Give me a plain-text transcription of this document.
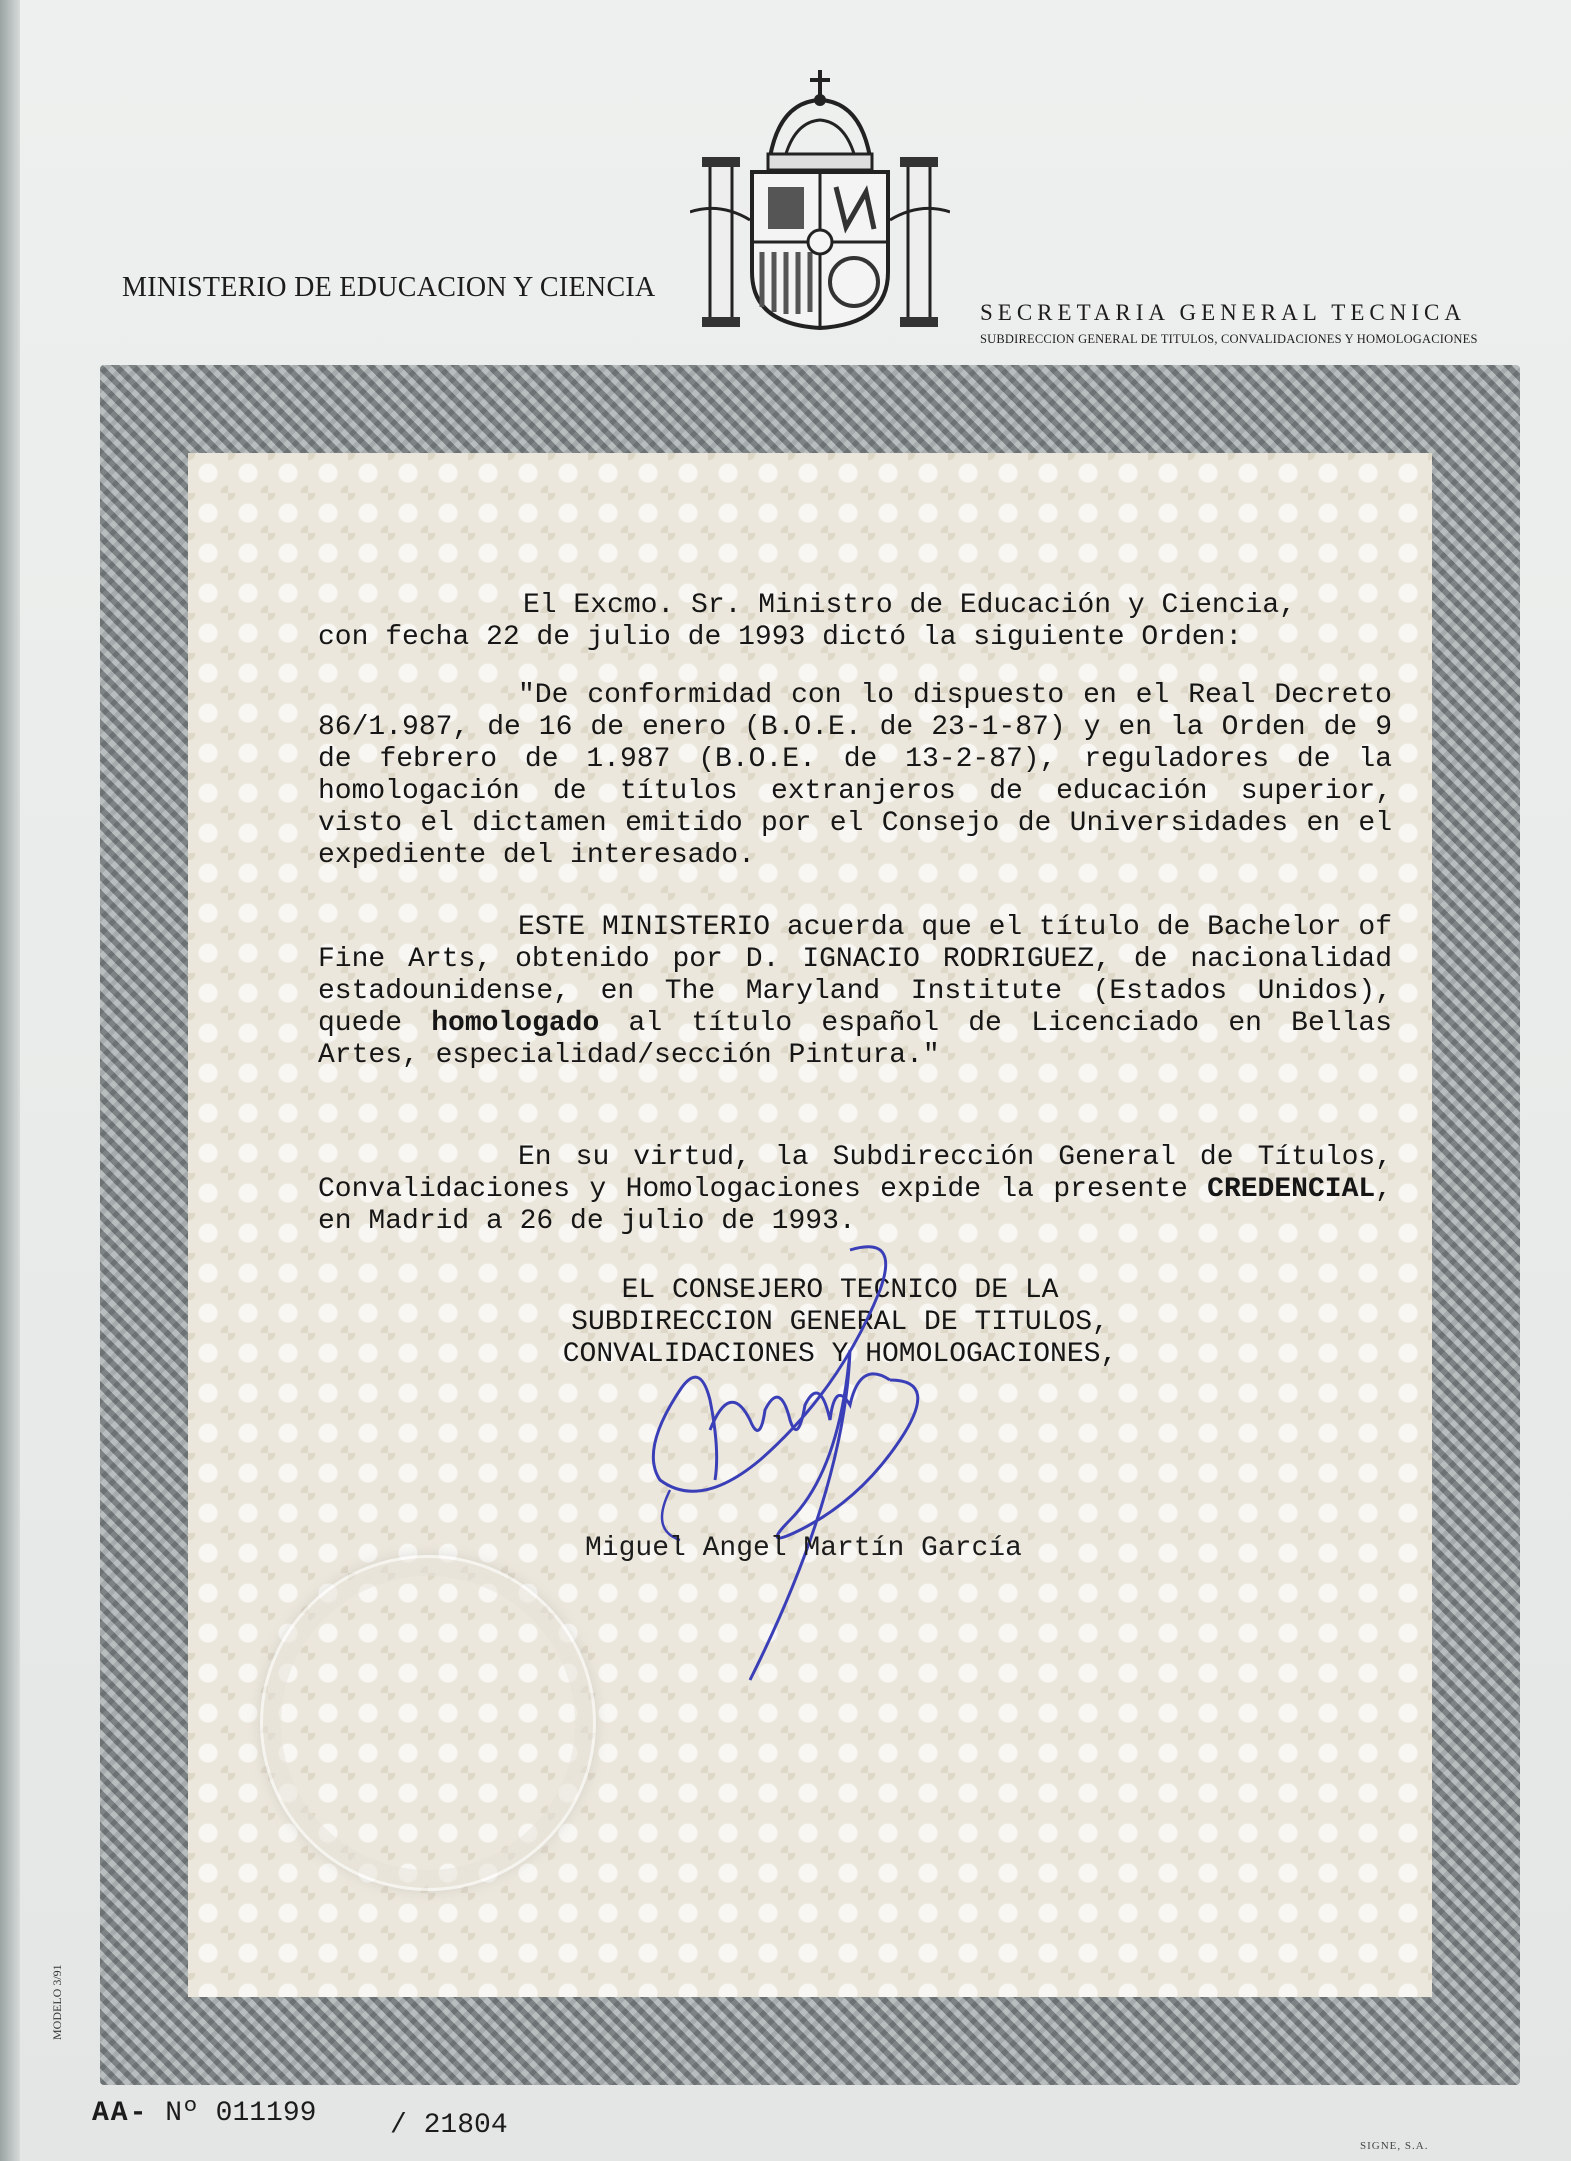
MINISTERIO DE EDUCACION Y CIENCIA
SECRETARIA GENERAL TECNICA
SUBDIRECCION GENERAL DE TITULOS, CONVALIDACIONES Y HOMOLOGACIONES
El Excmo. Sr. Ministro de Educación y Ciencia,
con fecha 22 de julio de 1993 dictó la siguiente Orden:
"De conformidad con lo dispuesto en el Real Decreto 86/1.987, de 16 de enero (B.O.E. de 23-1-87) y en la Orden de 9 de febrero de 1.987 (B.O.E. de 13-2-87), reguladores de la homologación de títulos extranjeros de educación superior, visto el dictamen emitido por el Consejo de Universidades en el expediente del interesado.
ESTE MINISTERIO acuerda que el título de Bachelor of Fine Arts, obtenido por D. IGNACIO RODRIGUEZ, de nacionalidad estadounidense, en The Maryland Institute (Estados Unidos), quede homologado al título español de Licenciado en Bellas Artes, especialidad/sección Pintura."
En su virtud, la Subdirección General de Títulos, Convalidaciones y Homologaciones expide la presente CREDENCIAL, en Madrid a 26 de julio de 1993.
EL CONSEJERO TECNICO DE LA
SUBDIRECCION GENERAL DE TITULOS,
CONVALIDACIONES Y HOMOLOGACIONES,
Miguel Angel Martín García
MODELO 3/91
AA- Nº 011199	/ 21804
SIGNE, S.A.
